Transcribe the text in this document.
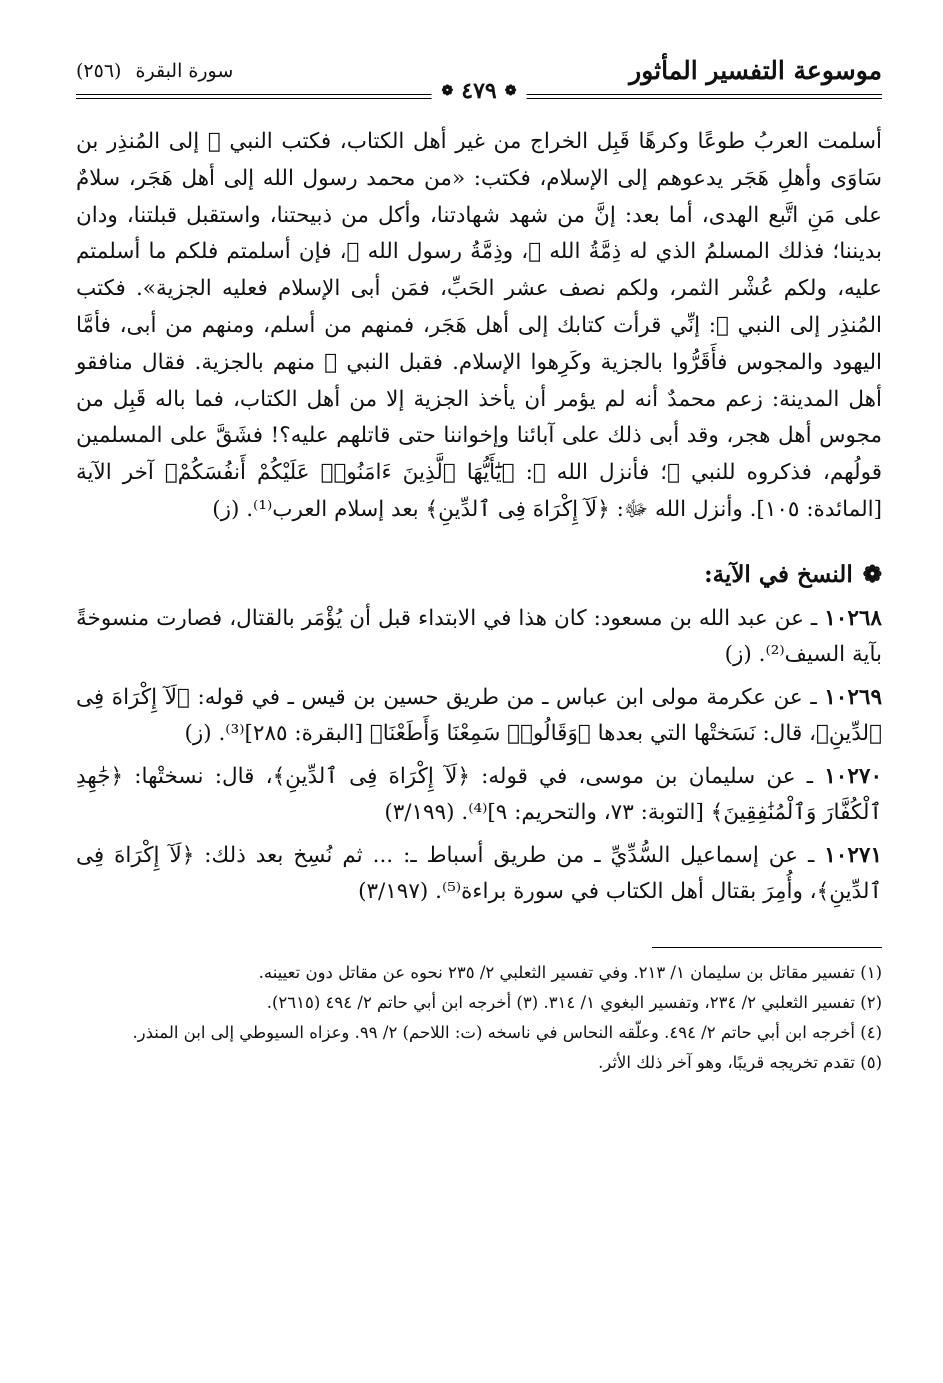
موسوعة التفسير المأثور
سورة البقرة (٢٥٦)
❁
٤٧٩
❁
أسلمت العربُ طوعًا وكرهًا قَبِل الخراج من غير أهل الكتاب، فكتب النبي ﷺ إلى المُنذِر بن سَاوَى وأهلِ هَجَر يدعوهم إلى الإسلام، فكتب: «من محمد رسول الله إلى أهل هَجَر، سلامٌ على مَنِ اتَّبع الهدى، أما بعد: إنَّ من شهد شهادتنا، وأكل من ذبيحتنا، واستقبل قبلتنا، ودان بديننا؛ فذلك المسلمُ الذي له ذِمَّةُ الله ﷻ، وذِمَّةُ رسول الله ﷺ، فإن أسلمتم فلكم ما أسلمتم عليه، ولكم عُشْر الثمر، ولكم نصف عشر الحَبِّ، فمَن أبى الإسلام فعليه الجزية». فكتب المُنذِر إلى النبي ﷺ: إنِّي قرأت كتابك إلى أهل هَجَر، فمنهم من أسلم، ومنهم من أبى، فأمَّا اليهود والمجوس فأَقَرُّوا بالجزية وكَرِهوا الإسلام. فقبل النبي ﷺ منهم بالجزية. فقال منافقو أهل المدينة: زعم محمدٌ أنه لم يؤمر أن يأخذ الجزية إلا من أهل الكتاب، فما باله قَبِل من مجوس أهل هجر، وقد أبى ذلك على آبائنا وإخواننا حتى قاتلهم عليه؟! فشَقَّ على المسلمين قولُهم، فذكروه للنبي ﷺ؛ فأنزل الله ﷻ: ﴿يَٰٓأَيُّهَا ٱلَّذِينَ ءَامَنُوا۟ عَلَيْكُمْ أَنفُسَكُمْ﴾ آخر الآية [المائدة: ١٠٥]. وأنزل الله ﷻ: ﴿لَآ إِكْرَاهَ فِى ٱلدِّينِ﴾ بعد إسلام العرب⁽¹⁾. (ز)
❁النسخ في الآية:
١٠٢٦٨ ـ عن عبد الله بن مسعود: كان هذا في الابتداء قبل أن يُؤْمَر بالقتال، فصارت منسوخةً بآية السيف⁽²⁾. (ز)
١٠٢٦٩ ـ عن عكرمة مولى ابن عباس ـ من طريق حسين بن قيس ـ في قوله: ﴿لَآ إِكْرَاهَ فِى ٱلدِّينِ﴾، قال: نَسَختْها التي بعدها ﴿وَقَالُوا۟ سَمِعْنَا وَأَطَعْنَا﴾ [البقرة: ٢٨٥]⁽³⁾. (ز)
١٠٢٧٠ ـ عن سليمان بن موسى، في قوله: ﴿لَآ إِكْرَاهَ فِى ٱلدِّينِ﴾، قال: نسختْها: ﴿جَٰهِدِ ٱلْكُفَّارَ وَٱلْمُنَٰفِقِينَ﴾ [التوبة: ٧٣، والتحريم: ٩]⁽⁴⁾. (٣/١٩٩)
١٠٢٧١ ـ عن إسماعيل السُّدِّيِّ ـ من طريق أسباط ـ: ... ثم نُسِخ بعد ذلك: ﴿لَآ إِكْرَاهَ فِى ٱلدِّينِ﴾، وأُمِرَ بقتال أهل الكتاب في سورة براءة⁽⁵⁾. (٣/١٩٧)

(١) تفسير مقاتل بن سليمان ١/ ٢١٣. وفي تفسير الثعلبي ٢/ ٢٣٥ نحوه عن مقاتل دون تعيينه.

(٢) تفسير الثعلبي ٢/ ٢٣٤، وتفسير البغوي ١/ ٣١٤. (٣) أخرجه ابن أبي حاتم ٢/ ٤٩٤ (٢٦١٥).

(٤) أخرجه ابن أبي حاتم ٢/ ٤٩٤. وعلّقه النحاس في ناسخه (ت: اللاحم) ٢/ ٩٩. وعزاه السيوطي إلى ابن المنذر.

(٥) تقدم تخريجه قريبًا، وهو آخر ذلك الأثر.
